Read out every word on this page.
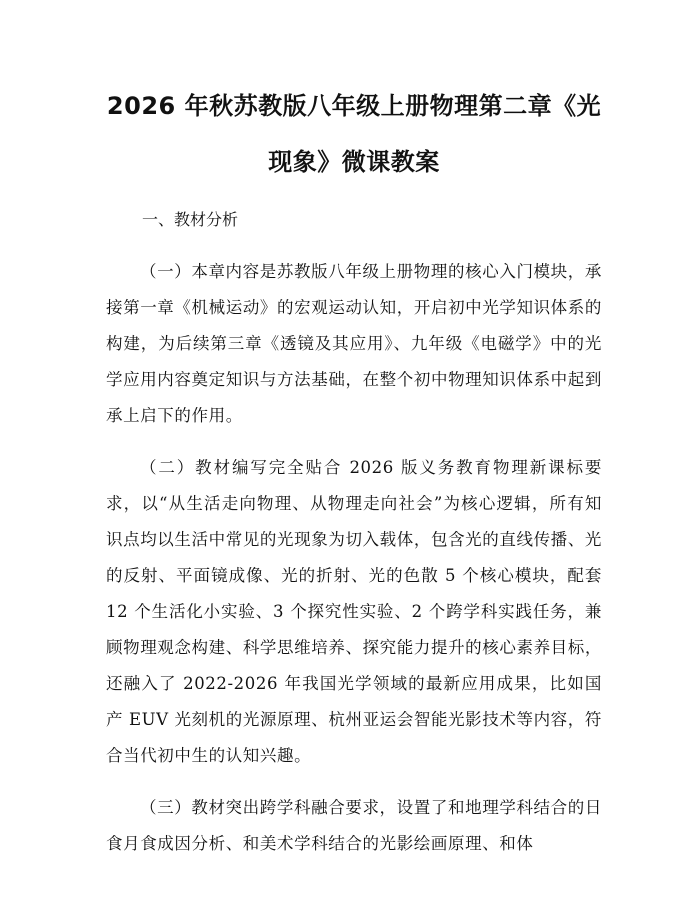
2026 年秋苏教版八年级上册物理第二章《光现象》微课教案
一、教材分析

（一）本章内容是苏教版八年级上册物理的核心入门模块，承接第一章《机械运动》的宏观运动认知，开启初中光学知识体系的构建，为后续第三章《透镜及其应用》、九年级《电磁学》中的光学应用内容奠定知识与方法基础，在整个初中物理知识体系中起到承上启下的作用。

（二）教材编写完全贴合 2026 版义务教育物理新课标要求，以“从生活走向物理、从物理走向社会”为核心逻辑，所有知识点均以生活中常见的光现象为切入载体，包含光的直线传播、光的反射、平面镜成像、光的折射、光的色散 5 个核心模块，配套 12 个生活化小实验、3 个探究性实验、2 个跨学科实践任务，兼顾物理观念构建、科学思维培养、探究能力提升的核心素养目标，还融入了 2022-2026 年我国光学领域的最新应用成果，比如国产 EUV 光刻机的光源原理、杭州亚运会智能光影技术等内容，符合当代初中生的认知兴趣。

（三）教材突出跨学科融合要求，设置了和地理学科结合的日食月食成因分析、和美术学科结合的光影绘画原理、和体
